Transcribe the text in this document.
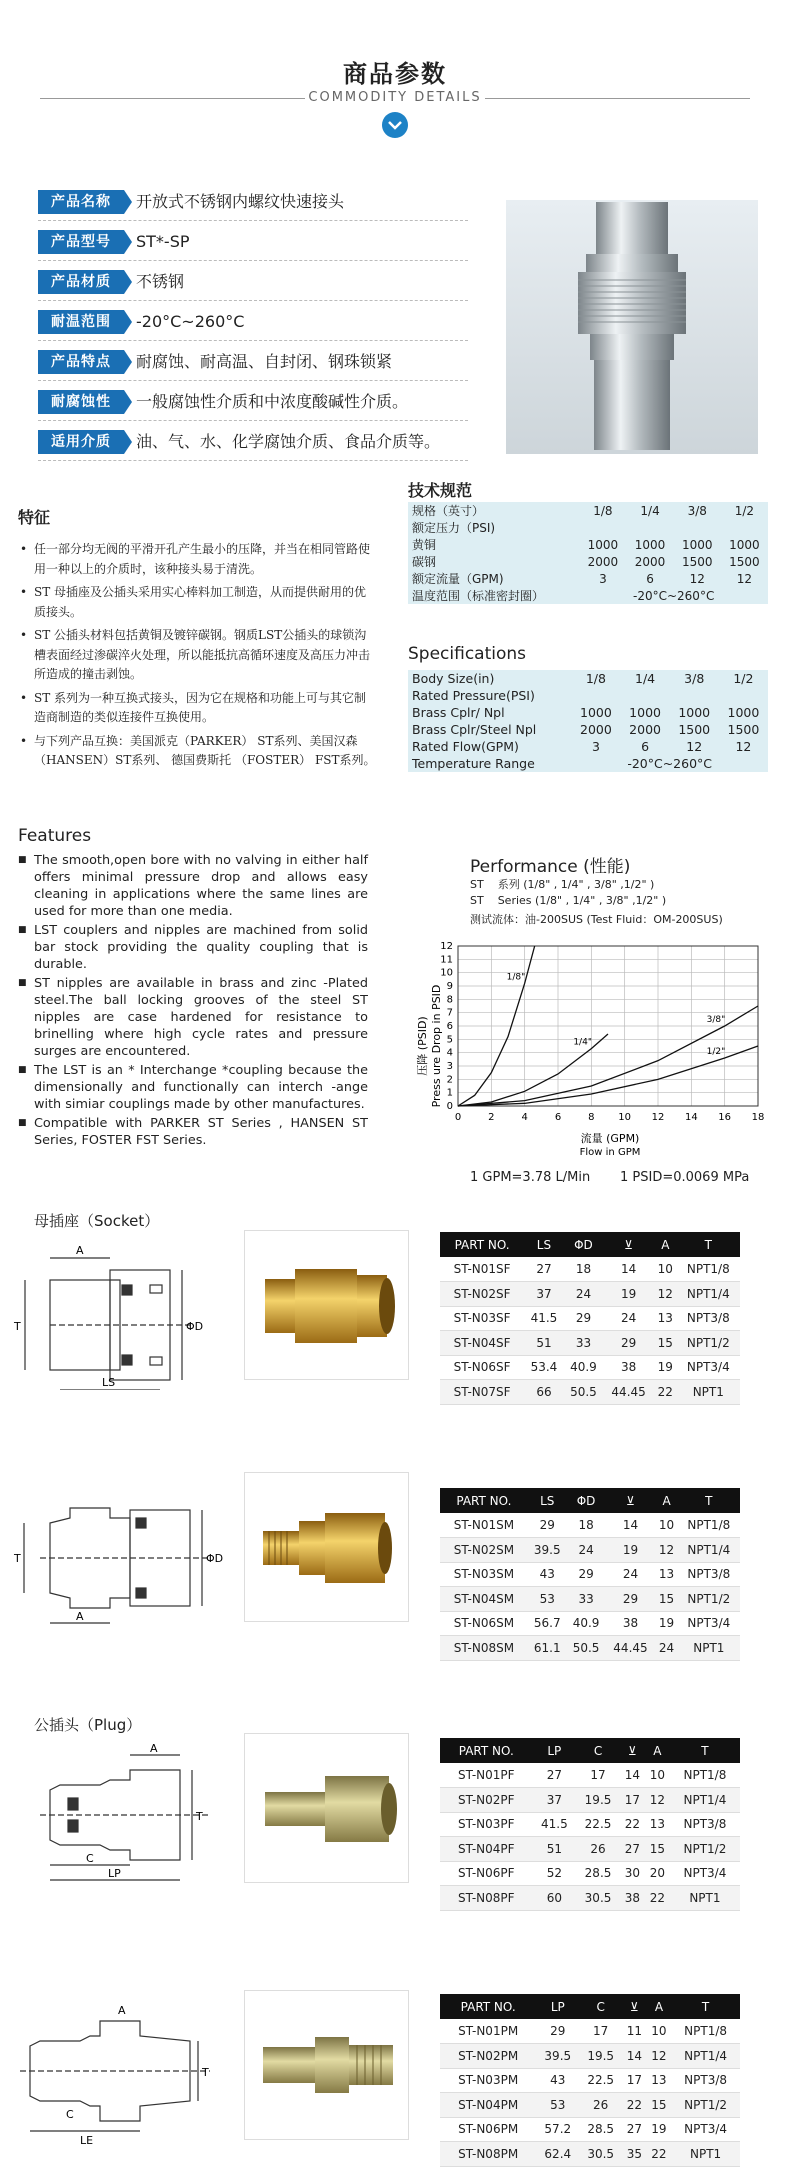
商品参数
COMMODITY DETAILS
产品名称	开放式不锈钢内螺纹快速接头
产品型号	ST*-SP
产品材质	不锈钢
耐温范围	-20°C~260°C
产品特点	耐腐蚀、耐高温、自封闭、钢珠锁紧
耐腐蚀性	一般腐蚀性介质和中浓度酸碱性介质。
适用介质	油、气、水、化学腐蚀介质、食品介质等。
特征
• 任一部分均无阀的平滑开孔产生最小的压降，并当在相同管路使用一种以上的介质时，该种接头易于清洗。
• ST 母插座及公插头采用实心棒料加工制造，从而提供耐用的优质接头。
• ST 公插头材料包括黄铜及镀锌碳钢。钢质LST公插头的球锁沟槽表面经过渗碳淬火处理，所以能抵抗高循环速度及高压力冲击所造成的撞击剥蚀。
• ST 系列为一种互换式接头，因为它在规格和功能上可与其它制造商制造的类似连接件互换使用。
• 与下列产品互换：美国派克（PARKER） ST系列、美国汉森 （HANSEN）ST系列、 德国费斯托 （FOSTER） FST系列。
技术规范
规格（英寸）	1/8	1/4	3/8	1/2
额定压力（PSI)				
黄铜	1000	1000	1000	1000
碳钢	2000	2000	1500	1500
额定流量（GPM)	3	6	12	12
温度范围（标准密封圈）	-20°C~260°C			
Specifications
Body Size(in)	1/8	1/4	3/8	1/2
Rated Pressure(PSI)				
Brass Cplr/ Npl	1000	1000	1000	1000
Brass Cplr/Steel Npl	2000	2000	1500	1500
Rated Flow(GPM)	3	6	12	12
Temperature Range	-20°C~260°C			
Features
■ The smooth,open bore with no valving in either half offers minimal pressure drop and allows easy cleaning in applications where the same lines are used for more than one media.
■ LST couplers and nipples are machined from solid bar stock providing the quality coupling that is durable.
■ ST nipples are available in brass and zinc -Plated steel.The ball locking grooves of the steel ST nipples are case hardened for resistance to brinelling where high cycle rates and pressure surges are encountered.
■ The LST is an * Interchange *coupling because the dimensionally and functionally can interch -ange with simiar couplings made by other manufactures.
■ Compatible with PARKER ST Series , HANSEN ST Series, FOSTER FST Series.
Performance (性能)
ST 系列 (1/8" , 1/4" , 3/8" ,1/2" )
ST Series (1/8" , 1/4" , 3/8" ,1/2" )
测试流体：油-200SUS (Test Fluid：OM-200SUS)
0	2	4	6	8 10 12 14 16 18
0
1
2
3
4
5
6
7
8
9
10
11
12
1/8"
1/4"
3/8"
1/2"
压降 (PSID) Press ure Drop in PSID
流量 (GPM)
Flow in GPM
1 GPM=3.78 L/Min 1 PSID=0.0069 MPa
母插座（Socket）
A
T
LS
ΦD
PART NO.	LS	ΦD	⊻	A	T
ST-N01SF	27	18	14	10	NPT1/8
ST-N02SF	37	24	19	12	NPT1/4
ST-N03SF	41.5	29	24	13	NPT3/8
ST-N04SF	51	33	29	15	NPT1/2
ST-N06SF	53.4	40.9	38	19	NPT3/4
ST-N07SF	66	50.5	44.45	22	NPT1
T	ΦD
A
PART NO.	LS	ΦD	⊻	A	T
ST-N01SM	29	18	14	10	NPT1/8
ST-N02SM	39.5	24	19	12	NPT1/4
ST-N03SM	43	29	24	13	NPT3/8
ST-N04SM	53	33	29	15	NPT1/2
ST-N06SM	56.7	40.9	38	19	NPT3/4
ST-N08SM	61.1	50.5	44.45	24	NPT1
公插头（Plug）
A
C
LP
T
PART NO.	LP	C	⊻	A	T
ST-N01PF	27	17	14	10	NPT1/8
ST-N02PF	37	19.5	17	12	NPT1/4
ST-N03PF	41.5	22.5	22	13	NPT3/8
ST-N04PF	51	26	27	15	NPT1/2
ST-N06PF	52	28.5	30	20	NPT3/4
ST-N08PF	60	30.5	38	22	NPT1
A
C
LE
T
PART NO.	LP	C	⊻	A	T
ST-N01PM	29	17	11	10	NPT1/8
ST-N02PM	39.5	19.5	14	12	NPT1/4
ST-N03PM	43	22.5	17	13	NPT3/8
ST-N04PM	53	26	22	15	NPT1/2
ST-N06PM	57.2	28.5	27	19	NPT3/4
ST-N08PM	62.4	30.5	35	22	NPT1
